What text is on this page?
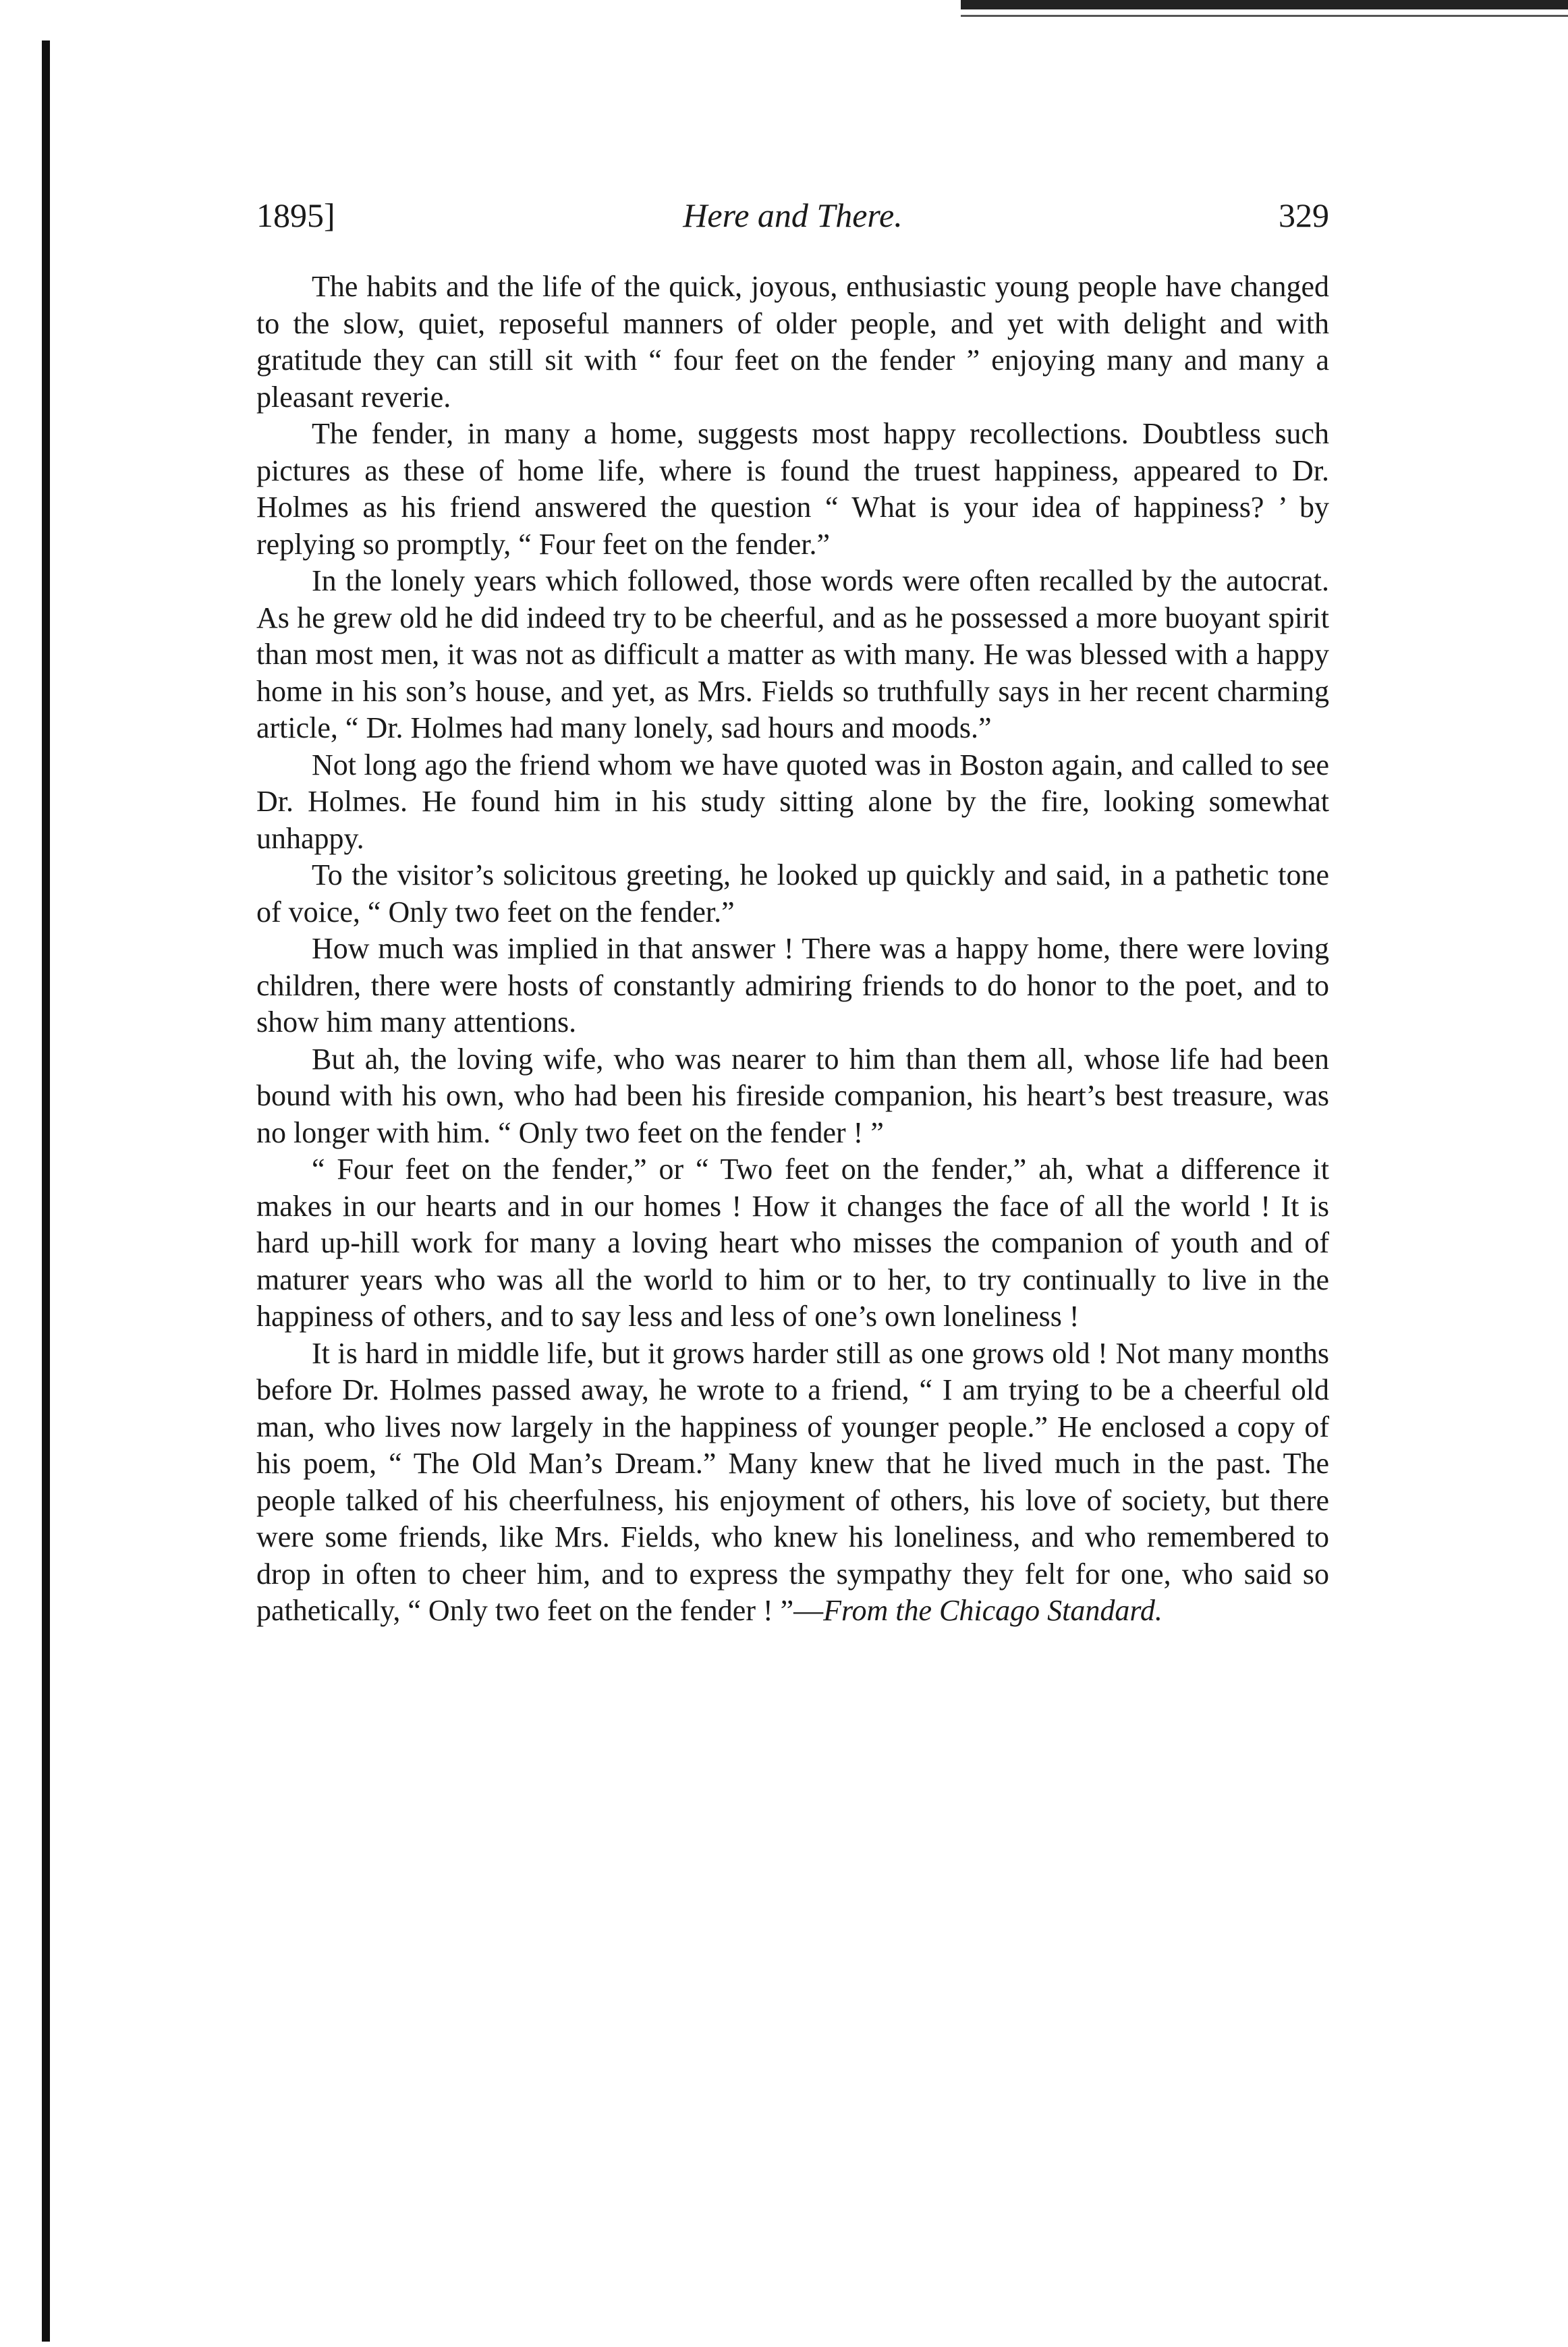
1895]	Here and There.	329

The habits and the life of the quick, joyous, enthusiastic young people have changed to the slow, quiet, reposeful manners of older people, and yet with delight and with gratitude they can still sit with “ four feet on the fender ” enjoying many and many a pleasant reverie.

The fender, in many a home, suggests most happy recollections. Doubtless such pictures as these of home life, where is found the truest happiness, appeared to Dr. Holmes as his friend answered the question “ What is your idea of happiness? ’ by replying so promptly, “ Four feet on the fender.”

In the lonely years which followed, those words were often recalled by the autocrat. As he grew old he did indeed try to be cheerful, and as he possessed a more buoyant spirit than most men, it was not as difficult a matter as with many. He was blessed with a happy home in his son’s house, and yet, as Mrs. Fields so truthfully says in her recent charming article, “ Dr. Holmes had many lonely, sad hours and moods.”

Not long ago the friend whom we have quoted was in Boston again, and called to see Dr. Holmes. He found him in his study sitting alone by the fire, looking somewhat unhappy.

To the visitor’s solicitous greeting, he looked up quickly and said, in a pathetic tone of voice, “ Only two feet on the fender.”

How much was implied in that answer ! There was a happy home, there were loving children, there were hosts of constantly admiring friends to do honor to the poet, and to show him many attentions.

But ah, the loving wife, who was nearer to him than them all, whose life had been bound with his own, who had been his fireside companion, his heart’s best treasure, was no longer with him. “ Only two feet on the fender ! ”

“ Four feet on the fender,” or “ Two feet on the fender,” ah, what a difference it makes in our hearts and in our homes ! How it changes the face of all the world ! It is hard up-hill work for many a loving heart who misses the companion of youth and of maturer years who was all the world to him or to her, to try continually to live in the happiness of others, and to say less and less of one’s own loneliness !

It is hard in middle life, but it grows harder still as one grows old ! Not many months before Dr. Holmes passed away, he wrote to a friend, “ I am trying to be a cheerful old man, who lives now largely in the happiness of younger people.” He enclosed a copy of his poem, “ The Old Man’s Dream.” Many knew that he lived much in the past. The people talked of his cheerfulness, his enjoyment of others, his love of society, but there were some friends, like Mrs. Fields, who knew his loneliness, and who remembered to drop in often to cheer him, and to express the sympathy they felt for one, who said so pathetically, “ Only two feet on the fender ! ”—From the Chicago Standard.
